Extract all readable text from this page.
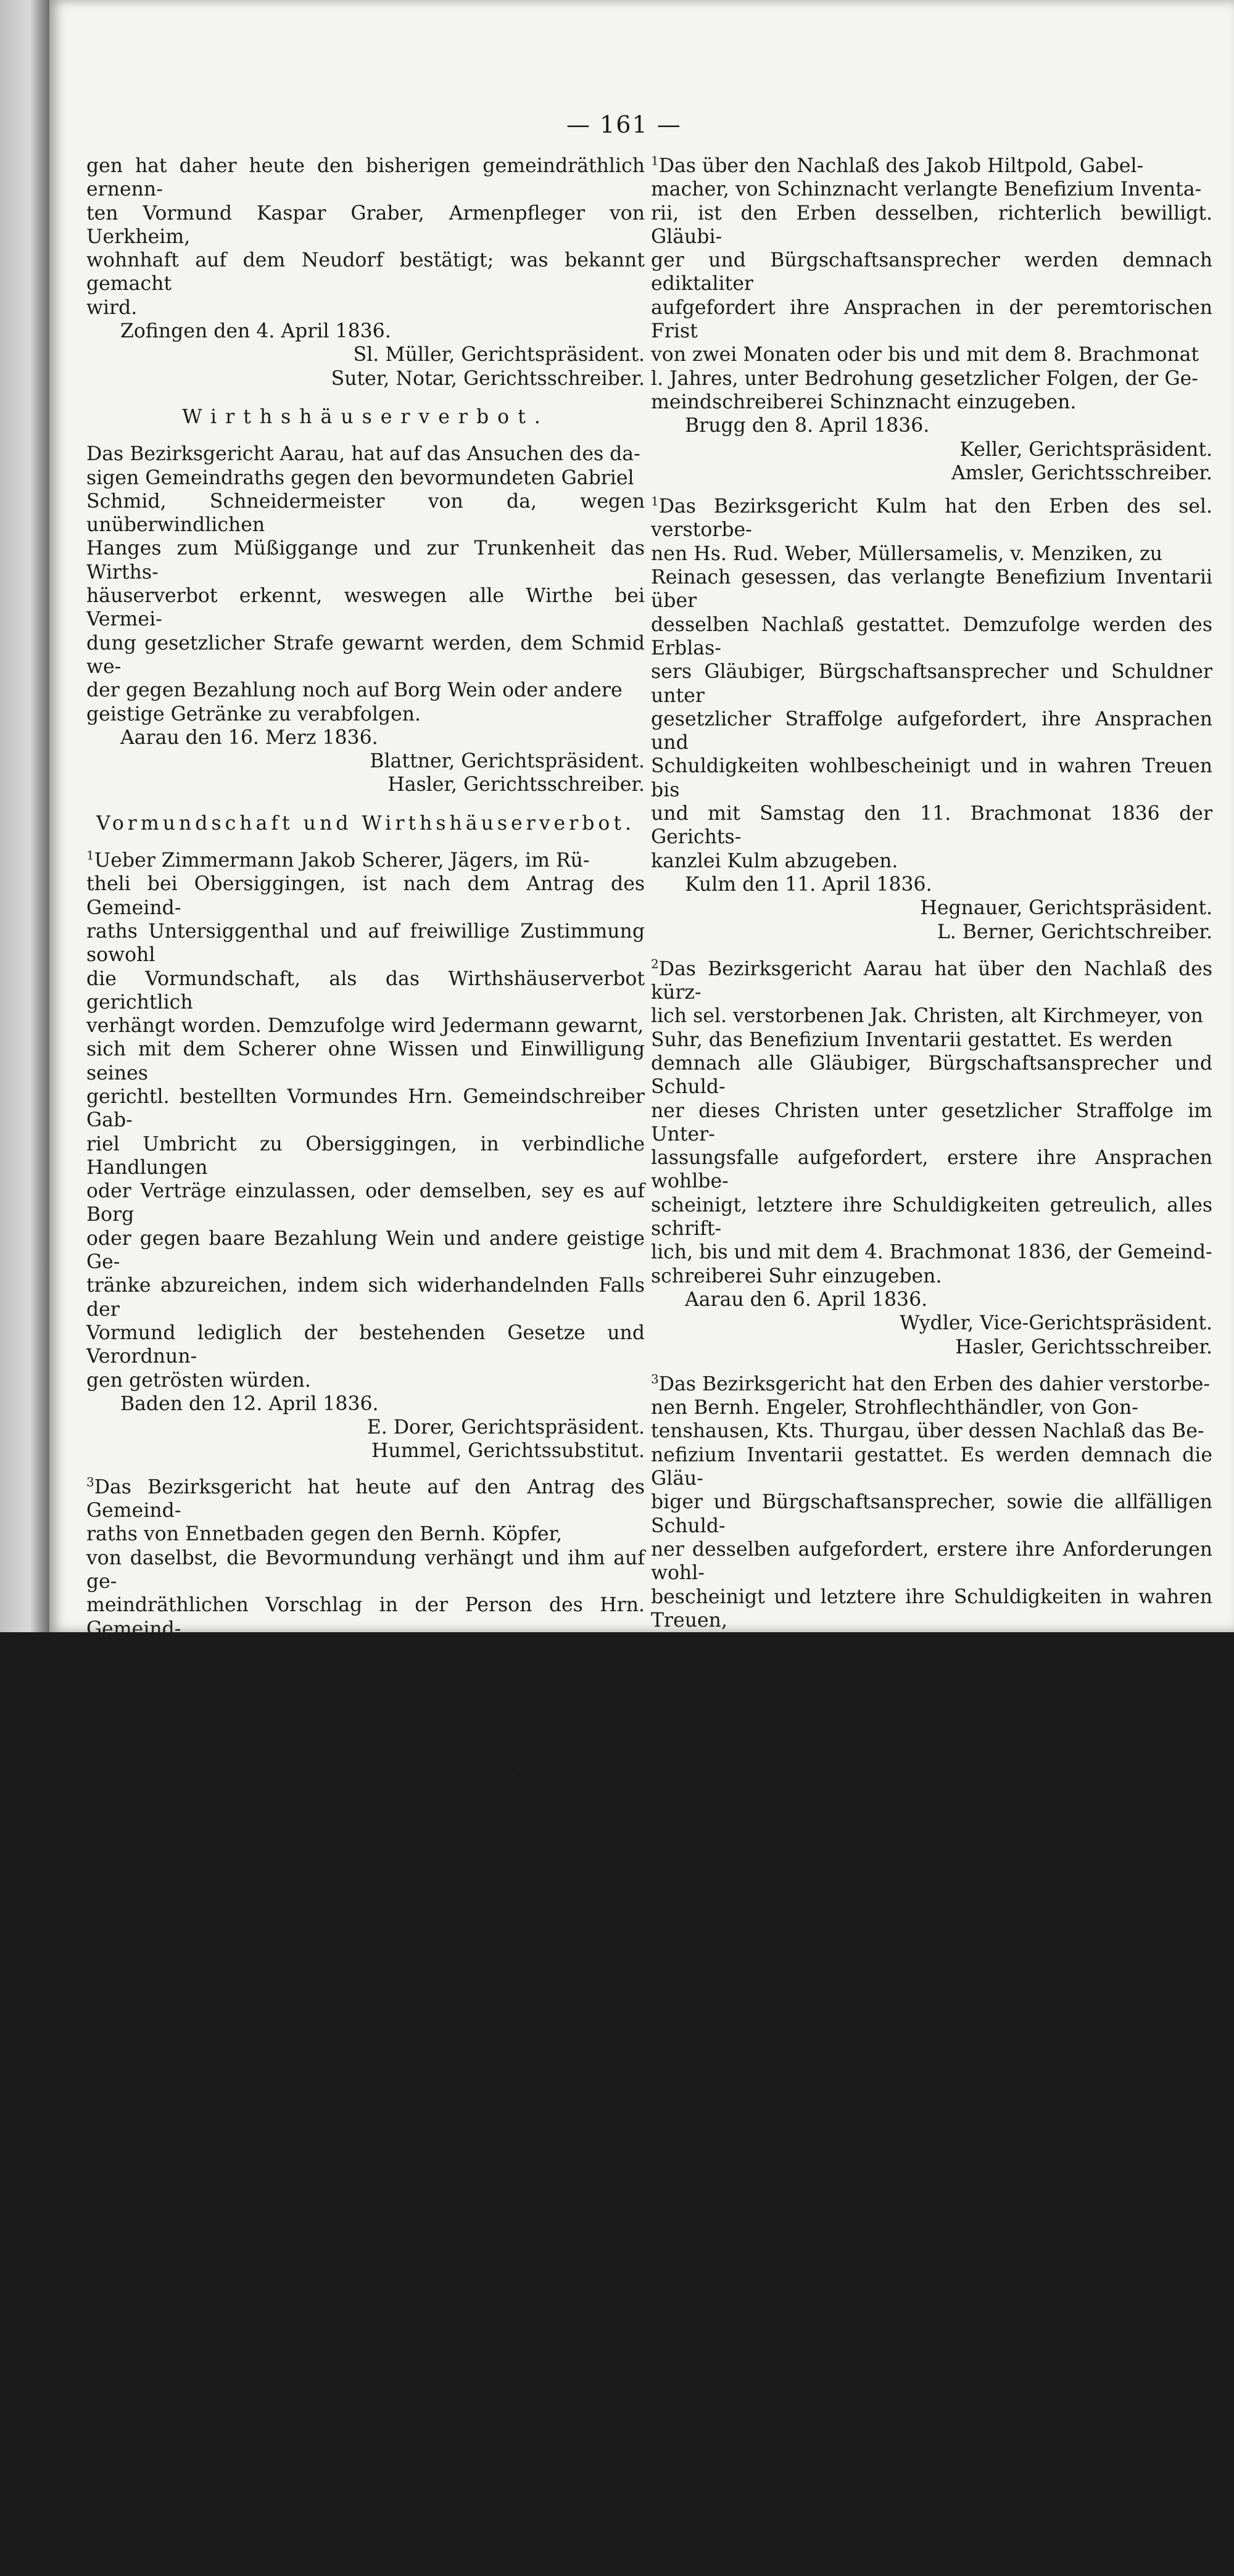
— 161 —

gen hat daher heute den bisherigen gemeindräthlich ernenn-

ten Vormund Kaspar Graber, Armenpfleger von Uerkheim,

wohnhaft auf dem Neudorf bestätigt; was bekannt gemacht

wird.

Zofingen den 4. April 1836.

Sl. Müller, Gerichtspräsident.

Suter, Notar, Gerichtsschreiber.

Wirthshäuserverbot.

Das Bezirksgericht Aarau, hat auf das Ansuchen des da-

sigen Gemeindraths gegen den bevormundeten Gabriel

Schmid, Schneidermeister von da, wegen unüberwindlichen

Hanges zum Müßiggange und zur Trunkenheit das Wirths-

häuserverbot erkennt, weswegen alle Wirthe bei Vermei-

dung gesetzlicher Strafe gewarnt werden, dem Schmid we-

der gegen Bezahlung noch auf Borg Wein oder andere

geistige Getränke zu verabfolgen.

Aarau den 16. Merz 1836.

Blattner, Gerichtspräsident.

Hasler, Gerichtsschreiber.

Vormundschaft und Wirthshäuserverbot.

$^1$Ueber Zimmermann Jakob Scherer, Jägers, im Rü-

theli bei Obersiggingen, ist nach dem Antrag des Gemeind-

raths Untersiggenthal und auf freiwillige Zustimmung sowohl

die Vormundschaft, als das Wirthshäuserverbot gerichtlich

verhängt worden. Demzufolge wird Jedermann gewarnt,

sich mit dem Scherer ohne Wissen und Einwilligung seines

gerichtl. bestellten Vormundes Hrn. Gemeindschreiber Gab-

riel Umbricht zu Obersiggingen, in verbindliche Handlungen

oder Verträge einzulassen, oder demselben, sey es auf Borg

oder gegen baare Bezahlung Wein und andere geistige Ge-

tränke abzureichen, indem sich widerhandelnden Falls der

Vormund lediglich der bestehenden Gesetze und Verordnun-

gen getrösten würden.

Baden den 12. April 1836.

E. Dorer, Gerichtspräsident.

Hummel, Gerichtssubstitut.

$^3$Das Bezirksgericht hat heute auf den Antrag des Gemeind-

raths von Ennetbaden gegen den Bernh. Köpfer,

von daselbst, die Bevormundung verhängt und ihm auf ge-

meindräthlichen Vorschlag in der Person des Hrn. Gemeind-

raths Jak. Herzog einen Vormund geordnet. Zugleich ist

gegen denselben das Wirthshäuserverbot ausgesprochen wor-

den. Es wird demnach in Hinweisung auf gesetzliche Vor-

schriften Jedermann gewarnt, besagtem Köpfer weder auf

Borg ohne Wissen seines Vormundes etwas anzuvertrauen,

noch demselben geistige Getränke abzureichen, ansonst die Zu-

widerhandelnden nachtheilige Folgen sich selbst beizumessen

hätten.

Baden den 29. Merz 1836.

Ed. Dorer, Gerichtspräsident.

Wanger, Gerichtsschreiber.

Benefizia Inventarii.

$^1$Das Bezirksgericht Aarau hat über den Nachlaß des kürz-

lich sel. verstorbenen Herrn Johann Jakob Fisch,

Hafner, von Aarau, das Benefizium Inventarii gestattet.

Es werden demnach alle Gläubiger, Bürgschaftsansprecher

und Schuldner dieses Hrn. Fisch unter gesetzlicher Straffolge im

Unterlassungsfalle aufgefordert, erstere ihre Ansprachen wohl-

bescheinigt, letztere ihre Schuldigkeiten getreulich, alles

schriftlich, bis und mit dem 11. Brachmonat 1836, der Ge-

meindschreiberei Aarau einzugeben.

Aarau den 13. April 1836.

Blattner, Gerichtspräsident.

J. Hasler, Gerichtsschreiber.

$^1$Das über den Nachlaß des Jakob Hiltpold, Gabel-

macher, von Schinznacht verlangte Benefizium Inventa-

rii, ist den Erben desselben, richterlich bewilligt. Gläubi-

ger und Bürgschaftsansprecher werden demnach ediktaliter

aufgefordert ihre Ansprachen in der peremtorischen Frist

von zwei Monaten oder bis und mit dem 8. Brachmonat

l. Jahres, unter Bedrohung gesetzlicher Folgen, der Ge-

meindschreiberei Schinznacht einzugeben.

Brugg den 8. April 1836.

Keller, Gerichtspräsident.

Amsler, Gerichtsschreiber.

$^1$Das Bezirksgericht Kulm hat den Erben des sel. verstorbe-

nen Hs. Rud. Weber, Müllersamelis, v. Menziken, zu

Reinach gesessen, das verlangte Benefizium Inventarii über

desselben Nachlaß gestattet. Demzufolge werden des Erblas-

sers Gläubiger, Bürgschaftsansprecher und Schuldner unter

gesetzlicher Straffolge aufgefordert, ihre Ansprachen und

Schuldigkeiten wohlbescheinigt und in wahren Treuen bis

und mit Samstag den 11. Brachmonat 1836 der Gerichts-

kanzlei Kulm abzugeben.

Kulm den 11. April 1836.

Hegnauer, Gerichtspräsident.

L. Berner, Gerichtschreiber.

$^2$Das Bezirksgericht Aarau hat über den Nachlaß des kürz-

lich sel. verstorbenen Jak. Christen, alt Kirchmeyer, von

Suhr, das Benefizium Inventarii gestattet. Es werden

demnach alle Gläubiger, Bürgschaftsansprecher und Schuld-

ner dieses Christen unter gesetzlicher Straffolge im Unter-

lassungsfalle aufgefordert, erstere ihre Ansprachen wohlbe-

scheinigt, letztere ihre Schuldigkeiten getreulich, alles schrift-

lich, bis und mit dem 4. Brachmonat 1836, der Gemeind-

schreiberei Suhr einzugeben.

Aarau den 6. April 1836.

Wydler, Vice-Gerichtspräsident.

Hasler, Gerichtsschreiber.

$^3$Das Bezirksgericht hat den Erben des dahier verstorbe-

nen Bernh. Engeler, Strohflechthändler, von Gon-

tenshausen, Kts. Thurgau, über dessen Nachlaß das Be-

nefizium Inventarii gestattet. Es werden demnach die Gläu-

biger und Bürgschaftsansprecher, sowie die allfälligen Schuld-

ner desselben aufgefordert, erstere ihre Anforderungen wohl-

bescheinigt und letztere ihre Schuldigkeiten in wahren Treuen,

schriftlich und in gesetzlichem Rechnungsfuße bis zum

27. April 1836, der Gerichtskanzlei Baden um so eher ein-

zugeben, als Zuwiderhandelnde nachtheilige Folgen sich selbst

beizumessen hätten.

Baden den 29. Merz 1836.

E. Dorer, Gerichtspräsident.

Wanger, Gerichtsschreiber.

$^3$Auf den Antrag des Gemeindraths von Dottikon, haben

wir über den verstorbenen Hrn. Hauptmann und Friedens-

richterstatthalter Joh. Martin Fischer, von Dottikon,

wohnhaft in Hägglingen, das Benefizium Inventarii bewil-

ligt. Es werden die Gläubiger und Bürgschaftsansprecher,

sowie die Schuldner des Fischer sel., und zwar die erstern

bei Verlust ihrer Ansprachen, und die letztern von Richter-

amtswegen peremtorisch aufgefordert, ihre Forderungen und

Verbindlichkeiten Donstag den 21. April 1836, dem Gemeind-

rathe Dottikon wohlbescheinigt einzugeben.

Bremgarten den 24. Merz 1836.

F. J. Weissenbach, Vice-Gerichtspräsident.

J. Ruepp, Gerichtsschreiber.

$^3$Den Erben des sel. verstorbenen Herrn Joh. Niklaus

Sevin, Apotheker, und gewesener Friedensrichter, von

Brugg, ist das verlangte Benefizium Inventarii richterlich

gestattet. Wer demnach an seiner Verlassenschaft irgend

einen Anspruch zu machen hat, wird hiermit unter Strafe

des Ausschlusses, öffentlich aufgefordert, denselben in der
